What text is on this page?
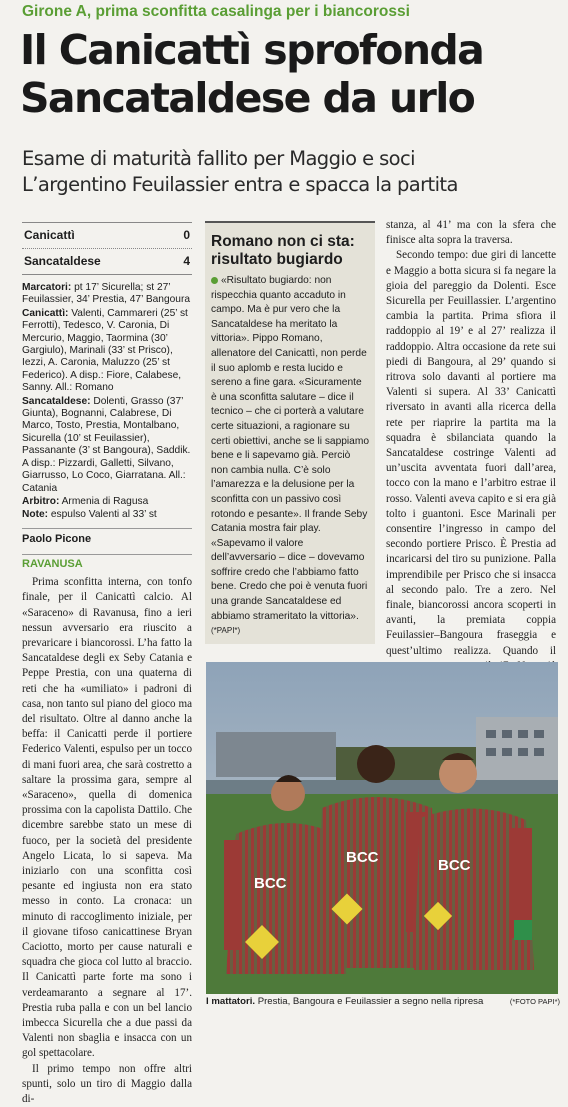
Girone A, prima sconfitta casalinga per i biancorossi
Il Canicattì sprofonda
Sancataldese da urlo
Esame di maturità fallito per Maggio e soci
L’argentino Feuilassier entra e spacca la partita
Canicattì	0
Sancataldese	4

Marcatori: pt 17’ Sicurella; st 27’ Feuilassier, 34’ Prestia, 47’ Bangoura

Canicattì: Valenti, Cammareri (25’ st Ferrotti), Tedesco, V. Caronia, Di Mercurio, Maggio, Taormina (30’ Gargiulo), Marinali (33’ st Prisco), Iezzi, A. Caronia, Maluzzo (25’ st Federico). A disp.: Fiore, Calabese, Sanny. All.: Romano

Sancataldese: Dolenti, Grasso (37’ Giunta), Bognanni, Calabrese, Di Marco, Tosto, Prestia, Montalbano, Sicurella (10’ st Feuilassier), Passanante (3’ st Bangoura), Saddik. A disp.: Pizzardi, Galletti, Silvano, Giarrusso, Lo Coco, Giarratana. All.: Catania

Arbitro: Armenia di Ragusa

Note: espulso Valenti al 33’ st

Paolo Picone
RAVANUSA

Prima sconfitta interna, con tonfo finale, per il Canicattì calcio. Al «Saraceno» di Ravanusa, fino a ieri nessun avversario era riuscito a prevaricare i biancorossi. L’ha fatto la Sancataldese degli ex Seby Catania e Peppe Prestia, con una quaterna di reti che ha «umiliato» i padroni di casa, non tanto sul piano del gioco ma del risultato. Oltre al danno anche la beffa: il Canicatti perde il portiere Federico Valenti, espulso per un tocco di mani fuori area, che sarà costretto a saltare la prossima gara, sempre al «Saraceno», quella di domenica prossima con la capolista Dattilo. Che dicembre sarebbe stato un mese di fuoco, per la società del presidente Angelo Licata, lo si sapeva. Ma iniziarlo con una sconfitta così pesante ed ingiusta non era stato messo in conto. La cronaca: un minuto di raccoglimento iniziale, per il giovane tifoso canicattinese Bryan Caciotto, morto per cause naturali e squadra che gioca col lutto al braccio. Il Canicattì parte forte ma sono i verdeamaranto a segnare al 17’. Prestia ruba palla e con un bel lancio imbecca Sicurella che a due passi da Valenti non sbaglia e insacca con un gol spettacolare.

Il primo tempo non offre altri spunti, solo un tiro di Maggio dalla di-

Romano non ci sta: risultato bugiardo
«Risultato bugiardo: non rispecchia quanto accaduto in campo. Ma è pur vero che la Sancataldese ha meritato la vittoria». Pippo Romano, allenatore del Canicattì, non perde il suo aplomb e resta lucido e sereno a fine gara. «Sicuramente è una sconfitta salutare – dice il tecnico – che ci porterà a valutare certe situazioni, a ragionare su certi obiettivi, anche se li sappiamo bene e li sapevamo già. Perciò non cambia nulla. C’è solo l’amarezza e la delusione per la sconfitta con un passivo così rotondo e pesante». Il frande Seby Catania mostra fair play. «Sapevamo il valore dell’avversario – dice – dovevamo soffrire credo che l’abbiamo fatto bene. Credo che poi è venuta fuori una grande Sancataldese ed abbiamo strameritato la vittoria». (*PAPI*)

stanza, al 41’ ma con la sfera che finisce alta sopra la traversa.

Secondo tempo: due giri di lancette e Maggio a botta sicura si fa negare la gioia del pareggio da Dolenti. Esce Sicurella per Feuillassier. L’argentino cambia la partita. Prima sfiora il raddoppio al 19’ e al 27’ realizza il raddoppio. Altra occasione da rete sui piedi di Bangoura, al 29’ quando si ritrova solo davanti al portiere ma Valenti si supera. Al 33’ Canicattì riversato in avanti alla ricerca della rete per riaprire la partita ma la squadra è sbilanciata quando la Sancataldese costringe Valenti ad un’uscita avventata fuori dall’area, tocco con la mano e l’arbitro estrae il rosso. Valenti aveva capito e si era già tolto i guantoni. Esce Marinali per consentire l’ingresso in campo del secondo portiere Prisco. È Prestia ad incaricarsi del tiro su punizione. Palla imprendibile per Prisco che si insacca al secondo palo. Tre a zero. Nel finale, biancorossi ancora scoperti in avanti, la premiata coppia Feuilassier–Bangoura fraseggia e quest’ultimo realizza. Quando il

BCC
BCC	BCC
I mattatori. Prestia, Bangoura e Feuilassier a segno nella ripresa	(*FOTO PAPI*)
